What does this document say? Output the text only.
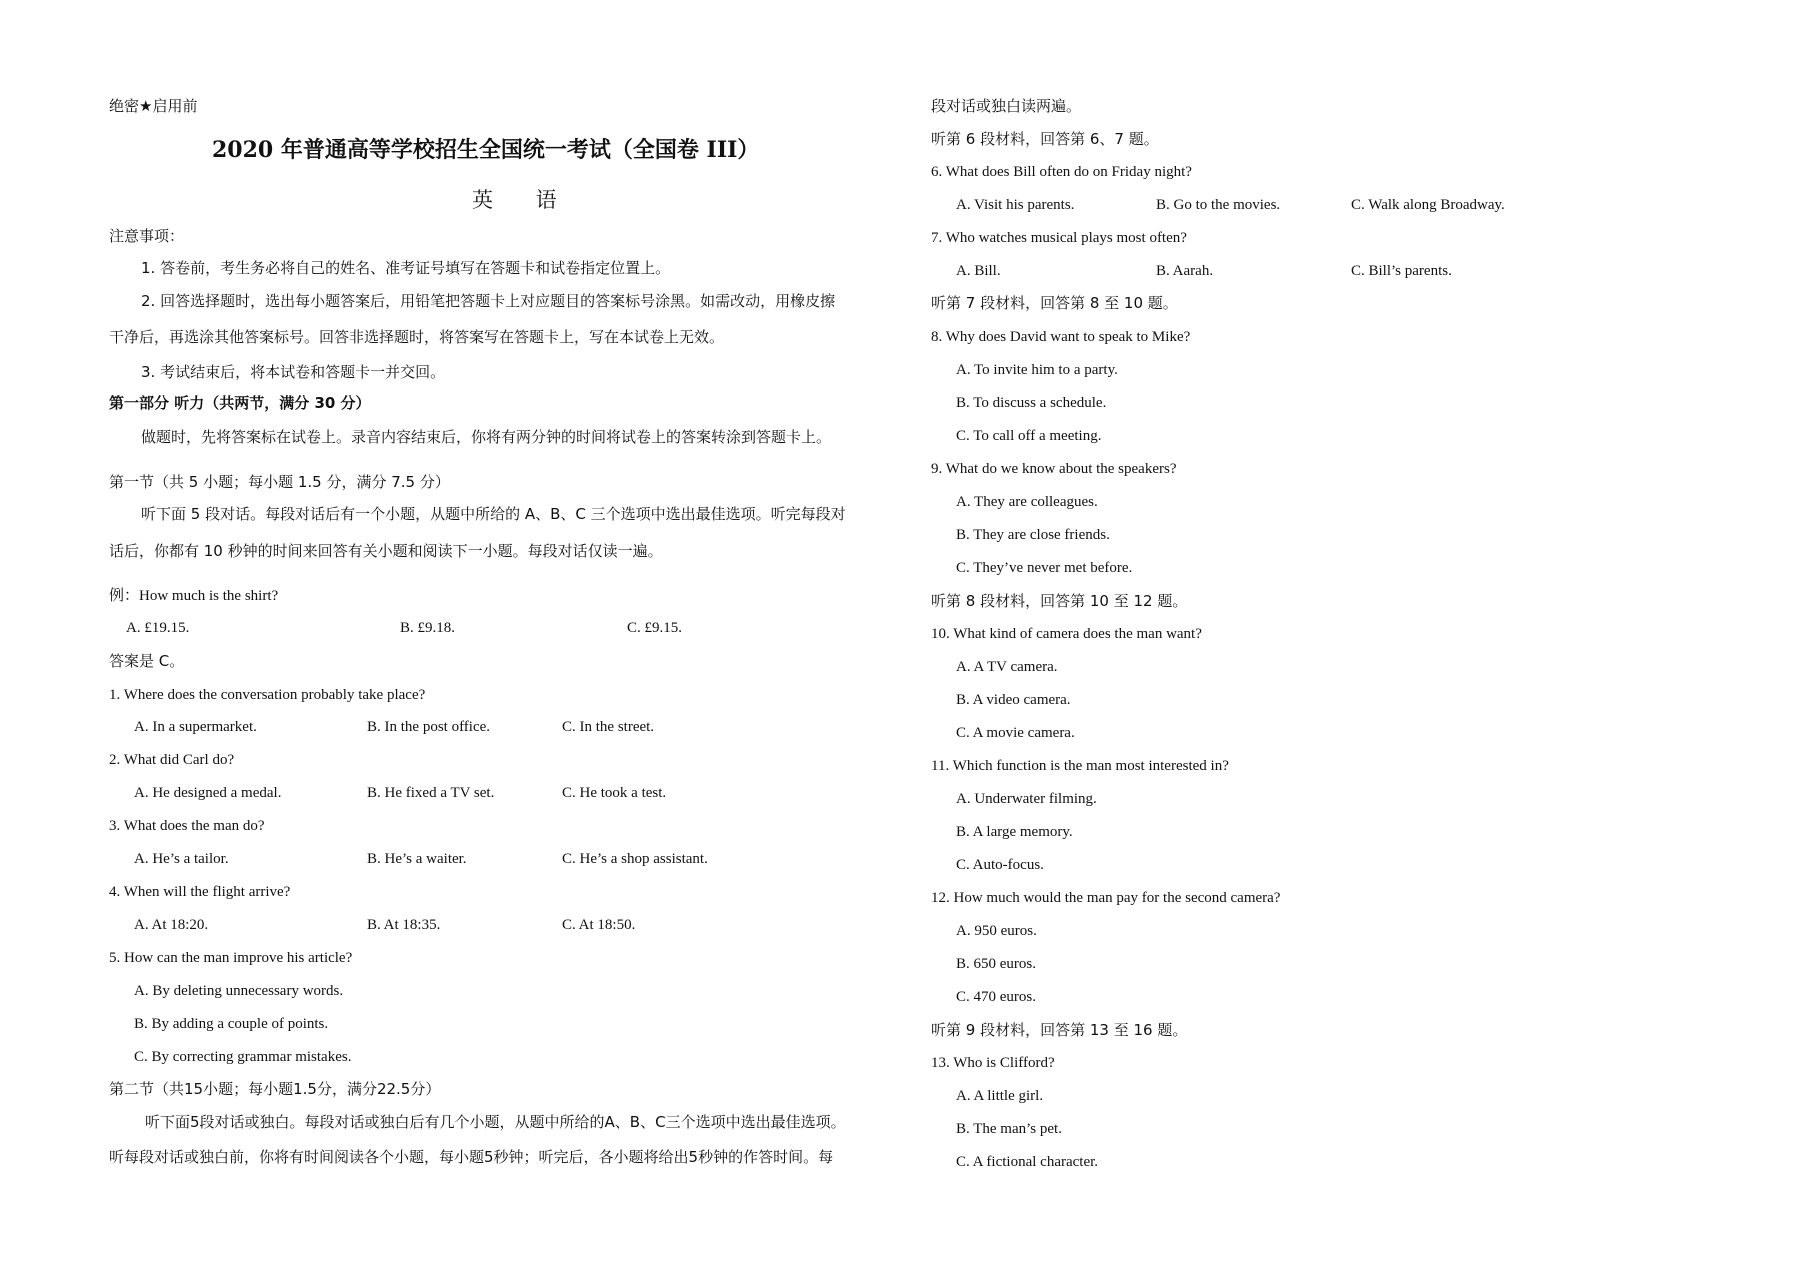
绝密★启用前
2020 年普通高等学校招生全国统一考试（全国卷 III）
英 语
注意事项：
1. 答卷前，考生务必将自己的姓名、准考证号填写在答题卡和试卷指定位置上。
2. 回答选择题时，选出每小题答案后，用铅笔把答题卡上对应题目的答案标号涂黑。如需改动，用橡皮擦
干净后，再选涂其他答案标号。回答非选择题时，将答案写在答题卡上，写在本试卷上无效。
3. 考试结束后，将本试卷和答题卡一并交回。
第一部分 听力（共两节，满分 30 分）
做题时，先将答案标在试卷上。录音内容结束后，你将有两分钟的时间将试卷上的答案转涂到答题卡上。
第一节（共 5 小题；每小题 1.5 分，满分 7.5 分）
听下面 5 段对话。每段对话后有一个小题，从题中所给的 A、B、C 三个选项中选出最佳选项。听完每段对
话后，你都有 10 秒钟的时间来回答有关小题和阅读下一小题。每段对话仅读一遍。
例：How much is the shirt?
A. £19.15.	B. £9.18.	C. £9.15.
答案是 C。
1. Where does the conversation probably take place?
A. In a supermarket.	B. In the post office.	C. In the street.
2. What did Carl do?
A. He designed a medal.	B. He fixed a TV set.	C. He took a test.
3. What does the man do?
A. He’s a tailor.	B. He’s a waiter.	C. He’s a shop assistant.
4. When will the flight arrive?
A. At 18:20.	B. At 18:35.	C. At 18:50.
5. How can the man improve his article?
A. By deleting unnecessary words.
B. By adding a couple of points.
C. By correcting grammar mistakes.
第二节（共15小题；每小题1.5分，满分22.5分）
听下面5段对话或独白。每段对话或独白后有几个小题，从题中所给的A、B、C三个选项中选出最佳选项。
听每段对话或独白前，你将有时间阅读各个小题，每小题5秒钟；听完后，各小题将给出5秒钟的作答时间。每
段对话或独白读两遍。
听第 6 段材料，回答第 6、7 题。
6. What does Bill often do on Friday night?
A. Visit his parents.	B. Go to the movies.	C. Walk along Broadway.
7. Who watches musical plays most often?
A. Bill.	B. Aarah.	C. Bill’s parents.
听第 7 段材料，回答第 8 至 10 题。
8. Why does David want to speak to Mike?
A. To invite him to a party.
B. To discuss a schedule.
C. To call off a meeting.
9. What do we know about the speakers?
A. They are colleagues.
B. They are close friends.
C. They’ve never met before.
听第 8 段材料，回答第 10 至 12 题。
10. What kind of camera does the man want?
A. A TV camera.
B. A video camera.
C. A movie camera.
11. Which function is the man most interested in?
A. Underwater filming.
B. A large memory.
C. Auto-focus.
12. How much would the man pay for the second camera?
A. 950 euros.
B. 650 euros.
C. 470 euros.
听第 9 段材料，回答第 13 至 16 题。
13. Who is Clifford?
A. A little girl.
B. The man’s pet.
C. A fictional character.
